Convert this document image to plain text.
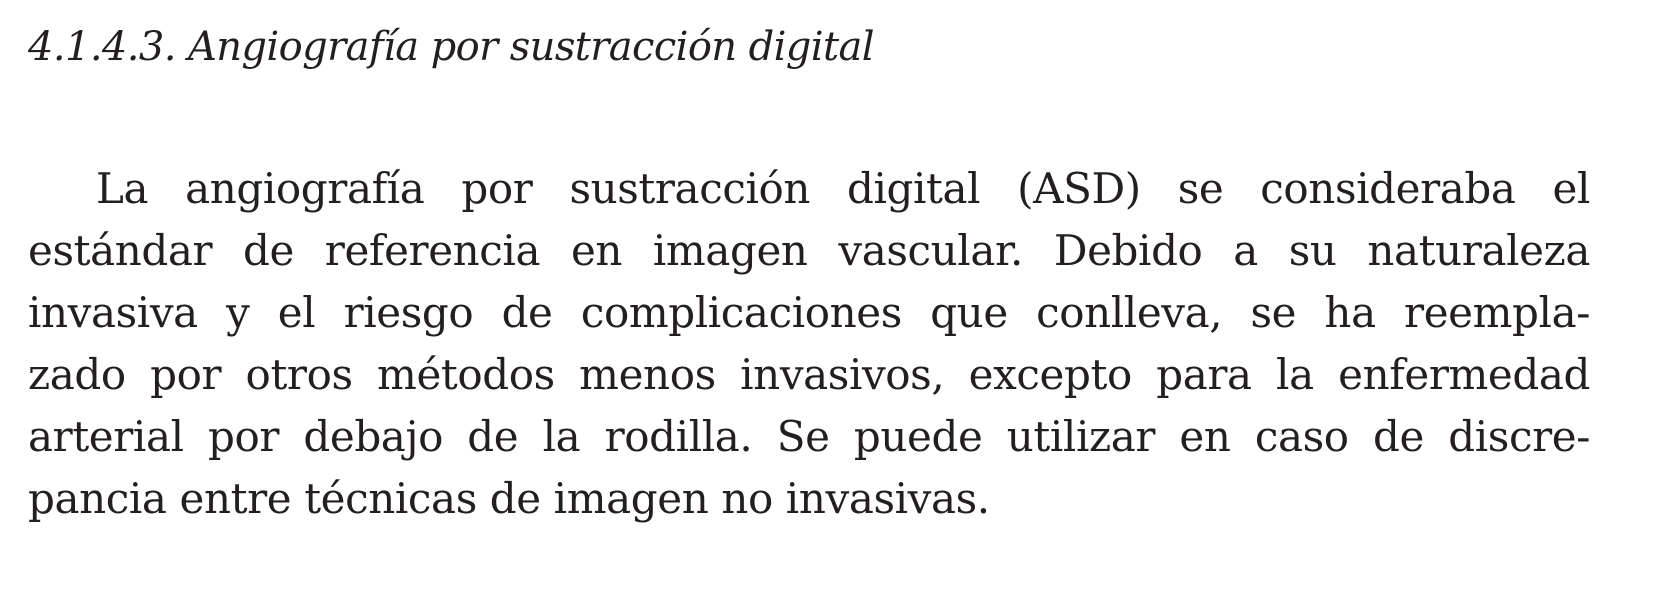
4.1.4.3. Angiografía por sustracción digital

La angiografía por sustracción digital (ASD) se consideraba el
estándar de referencia en imagen vascular. Debido a su naturaleza
invasiva y el riesgo de complicaciones que conlleva, se ha reempla-
zado por otros métodos menos invasivos, excepto para la enfermedad
arterial por debajo de la rodilla. Se puede utilizar en caso de discre-
pancia entre técnicas de imagen no invasivas.
